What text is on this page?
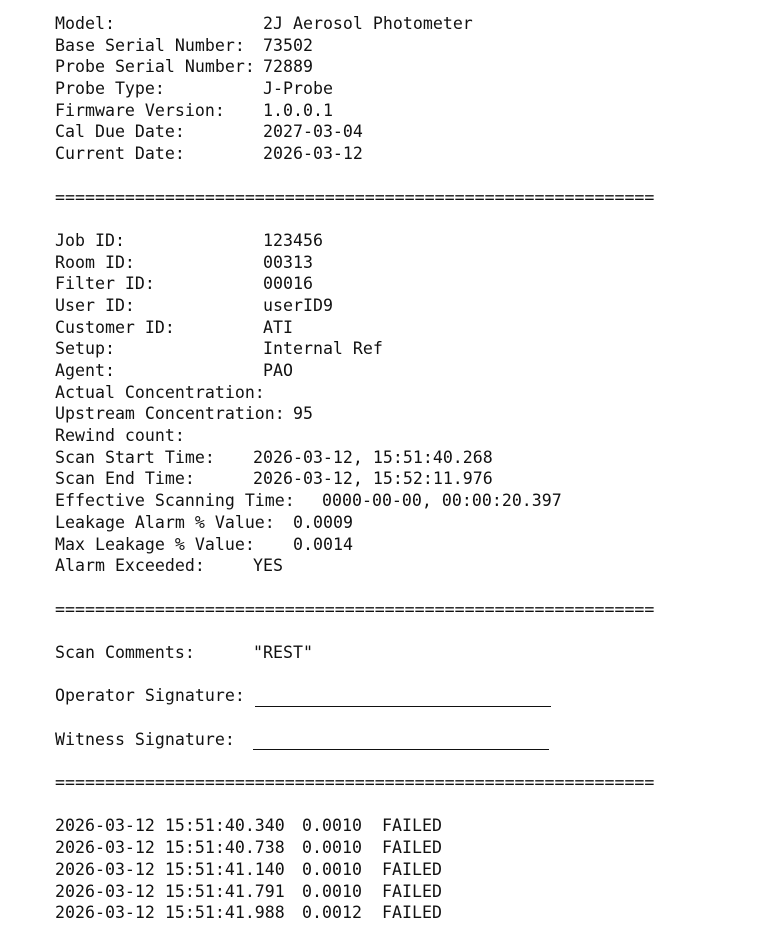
Model:	2J Aerosol Photometer
Base Serial Number:	73502
Probe Serial Number: 72889
Probe Type:	J-Probe
Firmware Version:	1.0.0.1
Cal Due Date:	2027-03-04
Current Date:	2026-03-12
============================================================
Job ID:	123456
Room ID:	00313
Filter ID:	00016
User ID:	userID9
Customer ID:	ATI
Setup:	Internal Ref
Agent:	PAO
Actual Concentration:
Upstream Concentration: 95
Rewind count:
Scan Start Time:	2026-03-12, 15:51:40.268
Scan End Time:	2026-03-12, 15:52:11.976
Effective Scanning Time:	0000-00-00, 00:00:20.397
Leakage Alarm % Value:	0.0009
Max Leakage % Value:	0.0014
Alarm Exceeded:	YES
============================================================
Scan Comments:	"REST"
Operator Signature:
Witness Signature:
============================================================
2026-03-12 15:51:40.340	0.0010	FAILED
2026-03-12 15:51:40.738	0.0010	FAILED
2026-03-12 15:51:41.140	0.0010	FAILED
2026-03-12 15:51:41.791	0.0010	FAILED
2026-03-12 15:51:41.988	0.0012	FAILED
